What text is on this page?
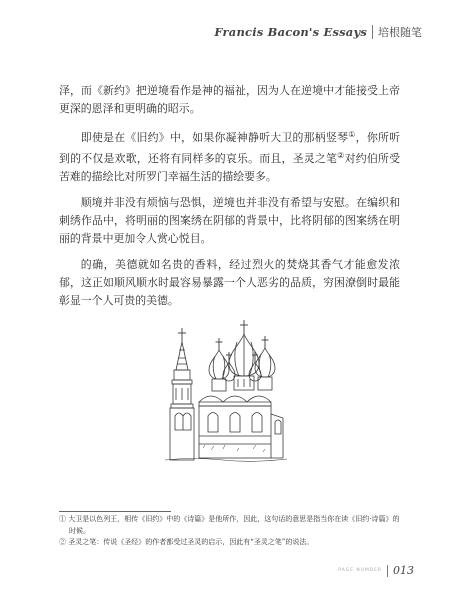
Francis Bacon's Essays 培根随笔

泽，而《新约》把逆境看作是神的福祉，因为人在逆境中才能接受上帝更深的恩泽和更明确的昭示。

即使是在《旧约》中，如果你凝神静听大卫的那柄竖琴①，你所听到的不仅是欢歌，还将有同样多的哀乐。而且，圣灵之笔②对约伯所受苦难的描绘比对所罗门幸福生活的描绘要多。

顺境并非没有烦恼与恐惧，逆境也并非没有希望与安慰。在编织和刺绣作品中，将明丽的图案绣在阴郁的背景中，比将阴郁的图案绣在明丽的背景中更加令人赏心悦目。

的确，美德就如名贵的香料，经过烈火的焚烧其香气才能愈发浓郁，这正如顺风顺水时最容易暴露一个人恶劣的品质，穷困潦倒时最能彰显一个人可贵的美德。

① 大卫是以色列王，相传《旧约》中的《诗篇》是他所作，因此，这句话的意思是指当你在读《旧约·诗篇》的时候。
② 圣灵之笔：传说《圣经》的作者都受过圣灵的启示，因此有“圣灵之笔”的说法。
PAGE NUMBER 013
